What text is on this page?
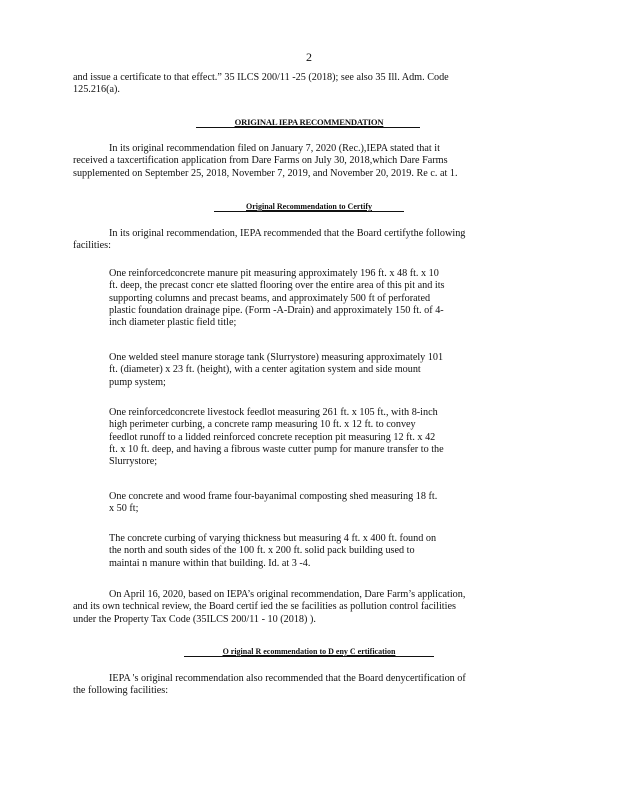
2
and issue a certificate to that effect.” 35 ILCS 200/11 -25 (2018); see also 35 Ill. Adm. Code
125.216(a).
ORIGINAL IEPA RECOMMENDATION
In its original recommendation filed on January 7, 2020 (Rec.),IEPA stated that it
received a taxcertification application from Dare Farms on July 30, 2018,which Dare Farms
supplemented on September 25, 2018, November 7, 2019, and November 20, 2019. Re c. at 1.
Original Recommendation to Certify
In its original recommendation, IEPA recommended that the Board certifythe following
facilities:
One reinforcedconcrete manure pit measuring approximately 196 ft. x 48 ft. x 10
ft. deep, the precast concr ete slatted flooring over the entire area of this pit and its
supporting columns and precast beams, and approximately 500 ft of perforated
plastic foundation drainage pipe. (Form -A-Drain) and approximately 150 ft. of 4-
inch diameter plastic field title;
One welded steel manure storage tank (Slurrystore) measuring approximately 101
ft. (diameter) x 23 ft. (height), with a center agitation system and side mount
pump system;
One reinforcedconcrete livestock feedlot measuring 261 ft. x 105 ft., with 8-inch
high perimeter curbing, a concrete ramp measuring 10 ft. x 12 ft. to convey
feedlot runoff to a lidded reinforced concrete reception pit measuring 12 ft. x 42
ft. x 10 ft. deep, and having a fibrous waste cutter pump for manure transfer to the
Slurrystore;
One concrete and wood frame four-bayanimal composting shed measuring 18 ft.
x 50 ft;
The concrete curbing of varying thickness but measuring 4 ft. x 400 ft. found on
the north and south sides of the 100 ft. x 200 ft. solid pack building used to
maintai n manure within that building. Id. at 3 -4.
On April 16, 2020, based on IEPA’s original recommendation, Dare Farm’s application,
and its own technical review, the Board certif ied the se facilities as pollution control facilities
under the Property Tax Code (35ILCS 200/11 - 10 (2018) ).
O riginal R ecommendation to D eny C ertification
IEPA 's original recommendation also recommended that the Board denycertification of
the following facilities:
